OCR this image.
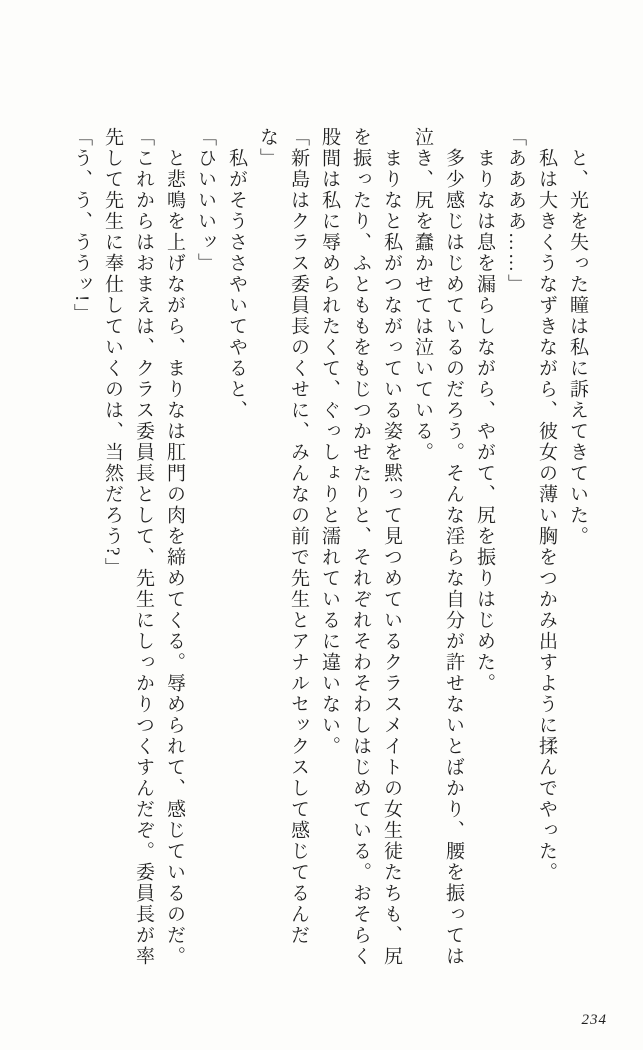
と、光を失った瞳は私に訴えてきていた。

私は大きくうなずきながら、彼女の薄い胸をつかみ出すように揉んでやった。

「ああああ……」

まりなは息を漏らしながら、やがて、尻を振りはじめた。

多少感じはじめているのだろう。そんな淫らな自分が許せないとばかり、腰を振っては泣き、尻を蠢かせては泣いている。

まりなと私がつながっている姿を黙って見つめているクラスメイトの女生徒たちも、尻を振ったり、ふとももをもじつかせたりと、それぞれそわそわしはじめている。おそらく股間は私に辱められたくて、ぐっしょりと濡れているに違いない。

「新島はクラス委員長のくせに、みんなの前で先生とアナルセックスして感じてるんだな」

私がそうささやいてやると、

「ひいいいッ」

と悲鳴を上げながら、まりなは肛門の肉を締めてくる。辱められて、感じているのだ。

「これからはおまえは、クラス委員長として、先生にしっかりつくすんだぞ。委員長が率先して先生に奉仕していくのは、当然だろう?」

「う、う、ううッ!」

234
